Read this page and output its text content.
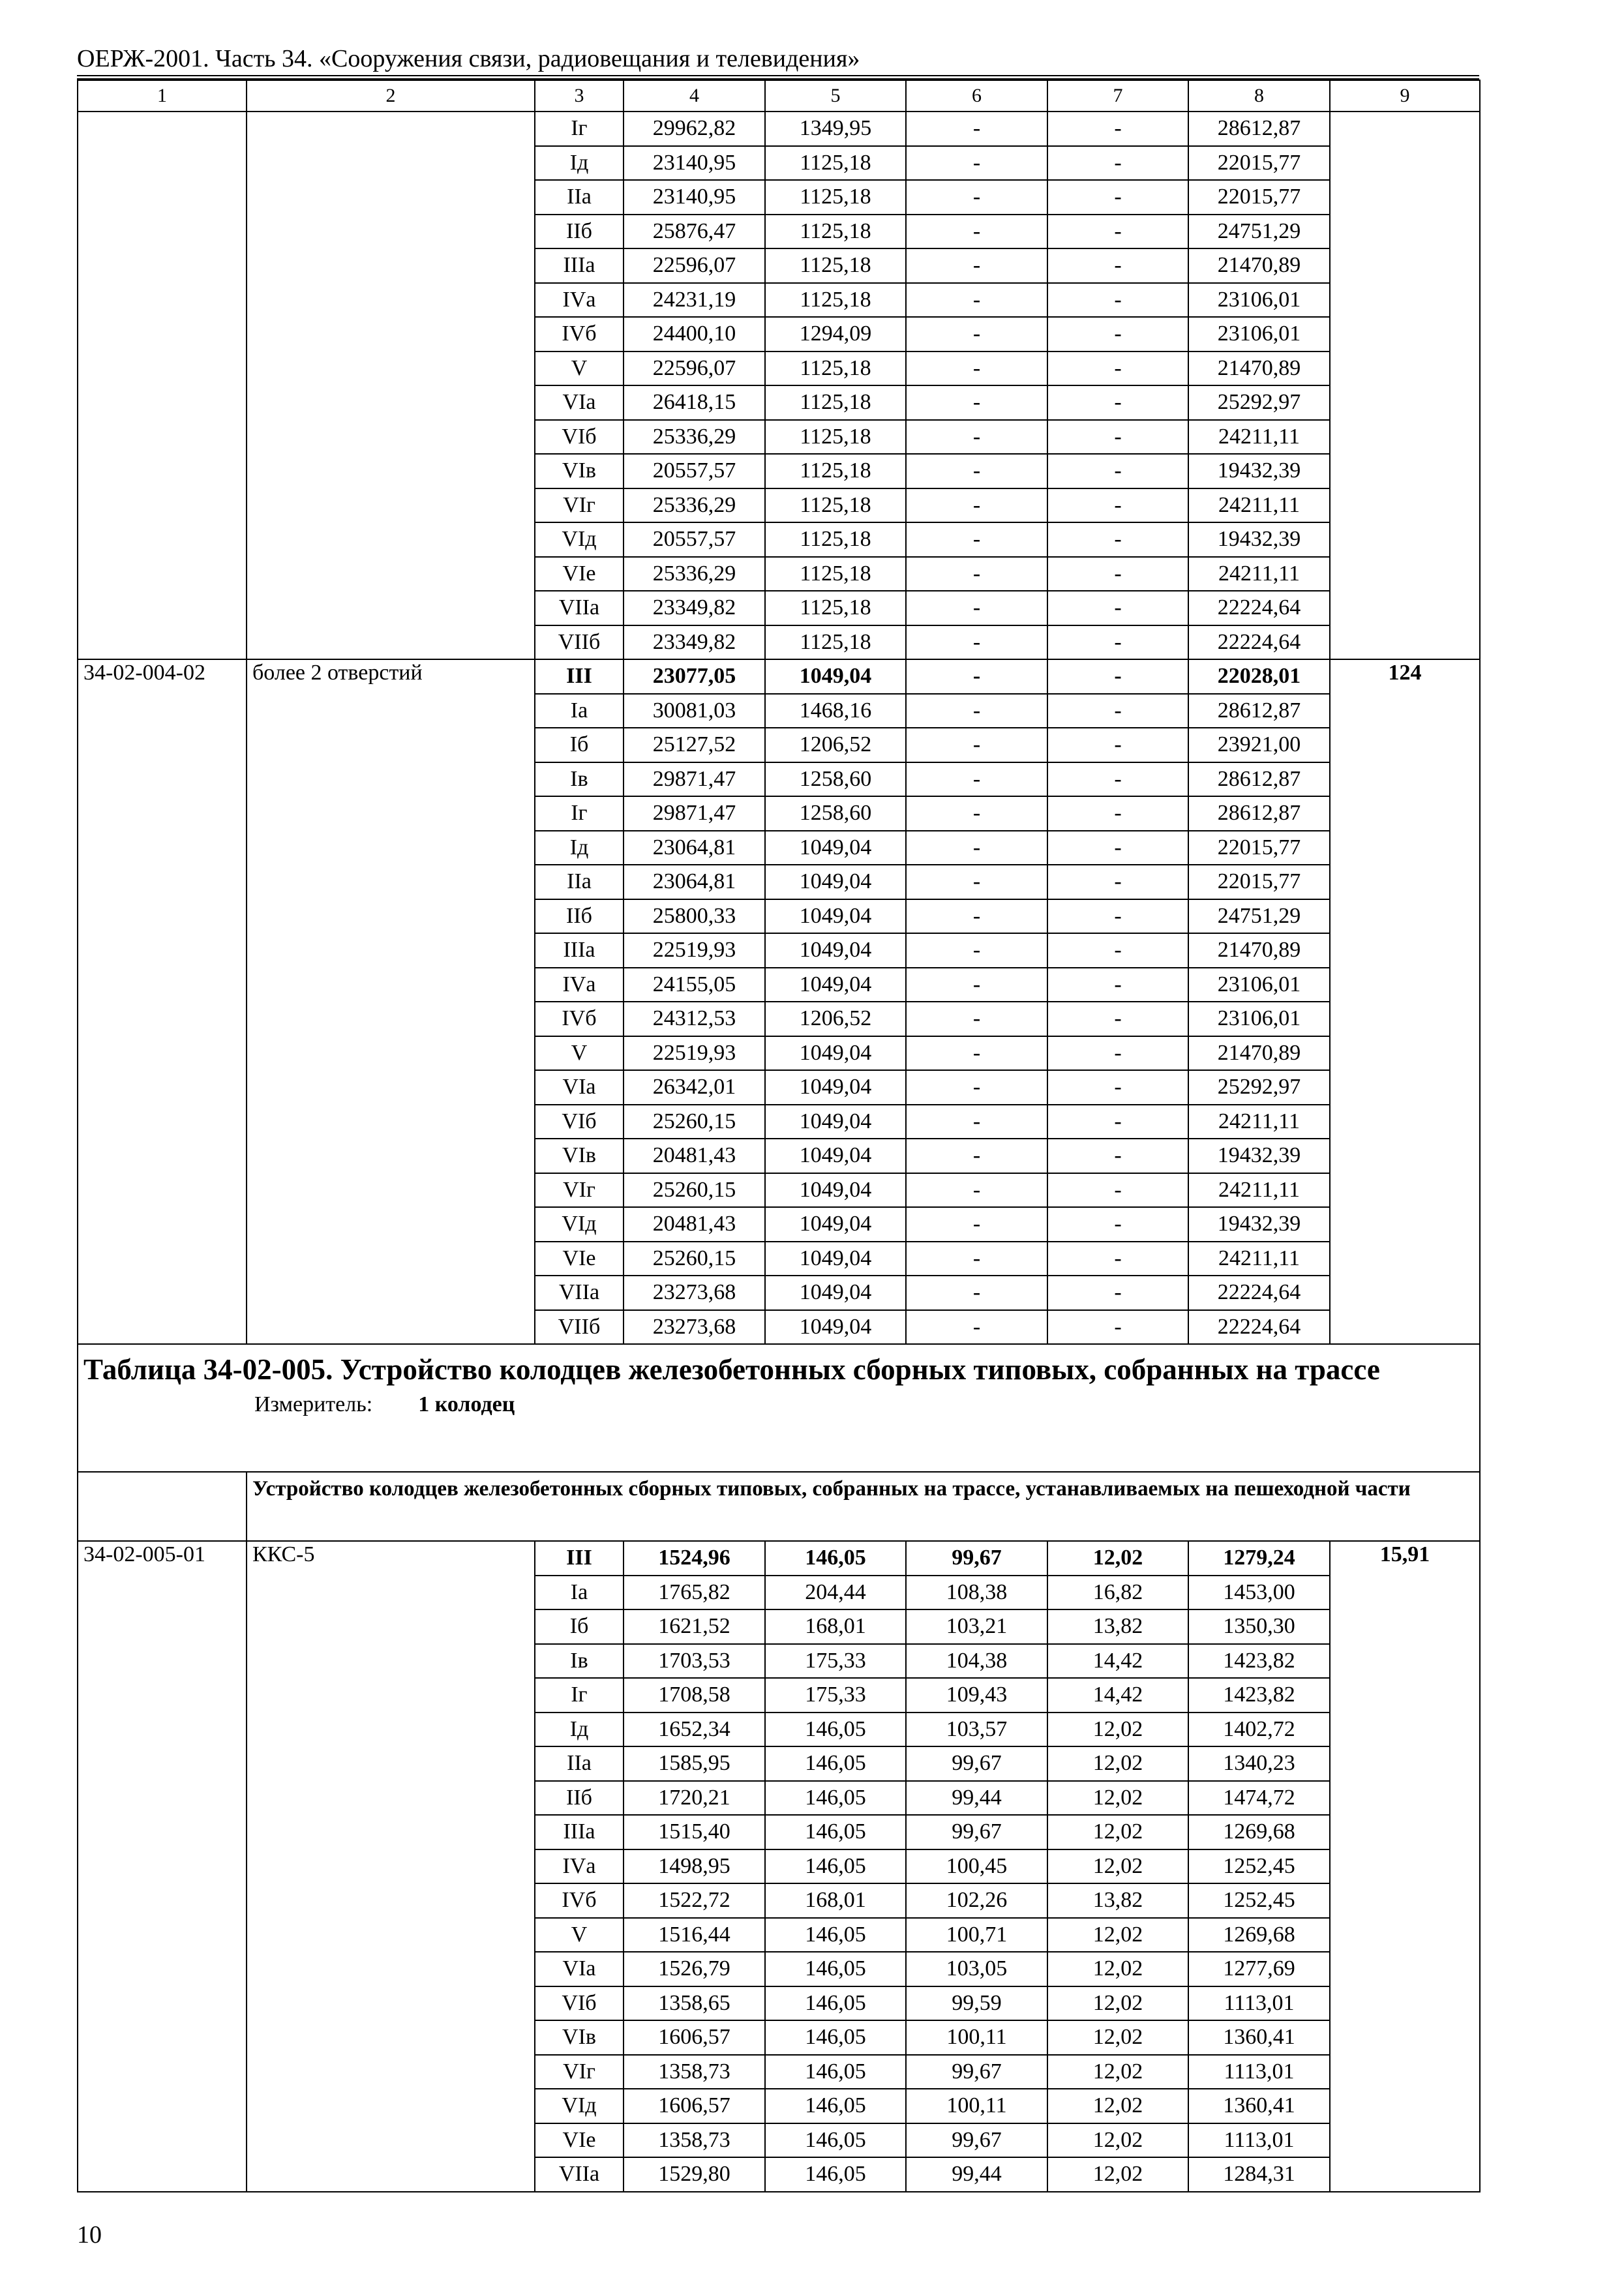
ОЕРЖ-2001. Часть 34. «Сооружения связи, радиовещания и телевидения»
1	2	3	4	5	6	7	8	9
		Iг	29962,82	1349,95	-	-	28612,87	
		Iд	23140,95	1125,18	-	-	22015,77	
		IIа	23140,95	1125,18	-	-	22015,77	
		IIб	25876,47	1125,18	-	-	24751,29	
		IIIа	22596,07	1125,18	-	-	21470,89	
		IVа	24231,19	1125,18	-	-	23106,01	
		IVб	24400,10	1294,09	-	-	23106,01	
		V	22596,07	1125,18	-	-	21470,89	
		VIа	26418,15	1125,18	-	-	25292,97	
		VIб	25336,29	1125,18	-	-	24211,11	
		VIв	20557,57	1125,18	-	-	19432,39	
		VIг	25336,29	1125,18	-	-	24211,11	
		VIд	20557,57	1125,18	-	-	19432,39	
		VIе	25336,29	1125,18	-	-	24211,11	
		VIIа	23349,82	1125,18	-	-	22224,64	
		VIIб	23349,82	1125,18	-	-	22224,64	
34-02-004-02	более 2 отверстий	III	23077,05	1049,04	-	-	22028,01	124
		Iа	30081,03	1468,16	-	-	28612,87	
		Iб	25127,52	1206,52	-	-	23921,00	
		Iв	29871,47	1258,60	-	-	28612,87	
		Iг	29871,47	1258,60	-	-	28612,87	
		Iд	23064,81	1049,04	-	-	22015,77	
		IIа	23064,81	1049,04	-	-	22015,77	
		IIб	25800,33	1049,04	-	-	24751,29	
		IIIа	22519,93	1049,04	-	-	21470,89	
		IVа	24155,05	1049,04	-	-	23106,01	
		IVб	24312,53	1206,52	-	-	23106,01	
		V	22519,93	1049,04	-	-	21470,89	
		VIа	26342,01	1049,04	-	-	25292,97	
		VIб	25260,15	1049,04	-	-	24211,11	
		VIв	20481,43	1049,04	-	-	19432,39	
		VIг	25260,15	1049,04	-	-	24211,11	
		VIд	20481,43	1049,04	-	-	19432,39	
		VIе	25260,15	1049,04	-	-	24211,11	
		VIIа	23273,68	1049,04	-	-	22224,64	
		VIIб	23273,68	1049,04	-	-	22224,64	

Таблица 34-02-005. Устройство колодцев железобетонных сборных типовых, собранных на трассе
Измеритель: 1 колодец								

	Устройство колодцев железобетонных сборных типовых, собранных на трассе, устанавливаемых на пешеходной части							
34-02-005-01	ККС-5	III	1524,96	146,05	99,67	12,02	1279,24	15,91
		Iа	1765,82	204,44	108,38	16,82	1453,00	
		Iб	1621,52	168,01	103,21	13,82	1350,30	
		Iв	1703,53	175,33	104,38	14,42	1423,82	
		Iг	1708,58	175,33	109,43	14,42	1423,82	
		Iд	1652,34	146,05	103,57	12,02	1402,72	
		IIа	1585,95	146,05	99,67	12,02	1340,23	
		IIб	1720,21	146,05	99,44	12,02	1474,72	
		IIIа	1515,40	146,05	99,67	12,02	1269,68	
		IVа	1498,95	146,05	100,45	12,02	1252,45	
		IVб	1522,72	168,01	102,26	13,82	1252,45	
		V	1516,44	146,05	100,71	12,02	1269,68	
		VIа	1526,79	146,05	103,05	12,02	1277,69	
		VIб	1358,65	146,05	99,59	12,02	1113,01	
		VIв	1606,57	146,05	100,11	12,02	1360,41	
		VIг	1358,73	146,05	99,67	12,02	1113,01	
		VIд	1606,57	146,05	100,11	12,02	1360,41	
		VIе	1358,73	146,05	99,67	12,02	1113,01	
		VIIа	1529,80	146,05	99,44	12,02	1284,31	
10
